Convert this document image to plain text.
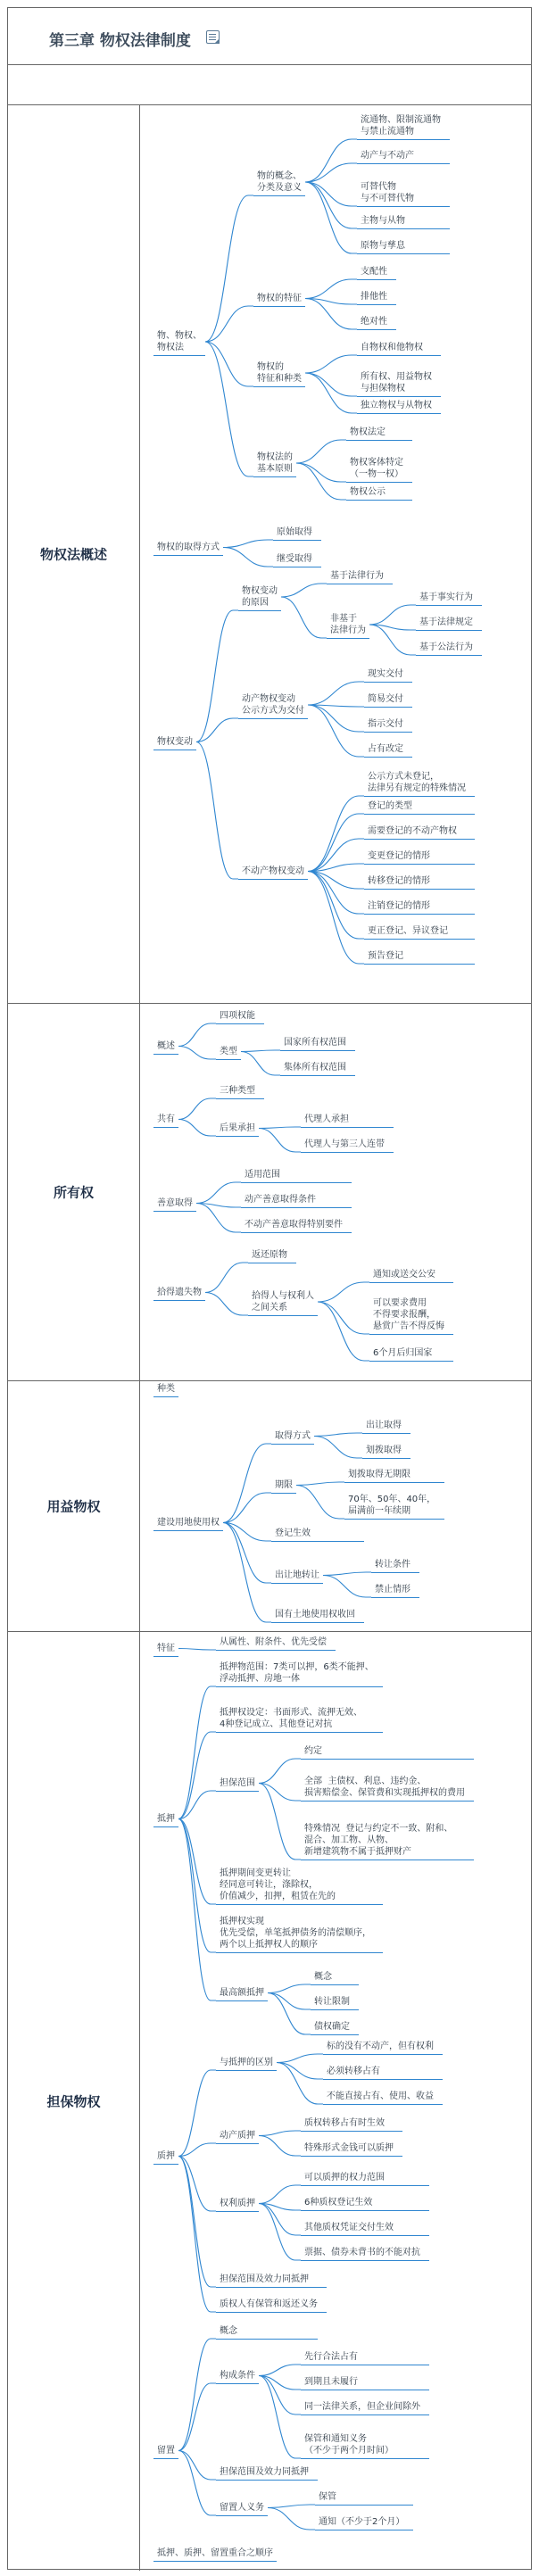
第三章 物权法律制度
物权法概述
所有权
用益物权
担保物权
物、物权、
物权法
物的概念、
分类及意义
流通物、限制流通物
与禁止流通物
动产与不动产
可替代物
与不可替代物
主物与从物
原物与孳息
物权的特征
支配性
排他性
绝对性
物权的
特征和种类
自物权和他物权
所有权、用益物权
与担保物权
独立物权与从物权
物权法的
基本原则
物权法定
物权客体特定
（一物一权）
物权公示
物权的取得方式
原始取得
继受取得
物权变动
物权变动
的原因
基于法律行为
非基于
法律行为
基于事实行为
基于法律规定
基于公法行为
动产物权变动
公示方式为交付
现实交付
简易交付
指示交付
占有改定
不动产物权变动
公示方式未登记，
法律另有规定的特殊情况
登记的类型
需要登记的不动产物权
变更登记的情形
转移登记的情形
注销登记的情形
更正登记、异议登记
预告登记
概述
四项权能
类型
国家所有权范围
集体所有权范围
共有
三种类型
后果承担
代理人承担
代理人与第三人连带
善意取得
适用范围
动产善意取得条件
不动产善意取得特别要件
拾得遗失物
返还原物
拾得人与权利人
之间关系
通知或送交公安
可以要求费用
不得要求报酬，
悬赏广告不得反悔
6个月后归国家
种类
建设用地使用权
取得方式
出让取得
划拨取得
期限
划拨取得无期限
70年、50年、40年，
届满前一年续期
登记生效
出让地转让
转让条件
禁止情形
国有土地使用权收回
特征
从属性、附条件、优先受偿
抵押
抵押物范围：7类可以押，6类不能押、
浮动抵押、房地一体
抵押权设定：书面形式、流押无效、
4种登记成立、其他登记对抗
担保范围
约定
全部  主债权、利息、违约金、
损害赔偿金、保管费和实现抵押权的费用
特殊情况  登记与约定不一致、附和、
混合、加工物、从物、
新增建筑物不属于抵押财产
抵押期间变更转让
经同意可转让，涤除权，
价值减少，扣押，租赁在先的
抵押权实现
优先受偿，单笔抵押债务的清偿顺序，
两个以上抵押权人的顺序
最高额抵押
概念
转让限制
债权确定
质押
与抵押的区别
标的没有不动产，但有权利
必须转移占有
不能直接占有、使用、收益
动产质押
质权转移占有时生效
特殊形式金钱可以质押
权利质押
可以质押的权力范围
6种质权登记生效
其他质权凭证交付生效
票据、债券未背书的不能对抗
担保范围及效力同抵押
质权人有保管和返还义务
留置
概念
构成条件
先行合法占有
到期且未履行
同一法律关系，但企业间除外
保管和通知义务
（不少于两个月时间）
担保范围及效力同抵押
留置人义务
保管
通知（不少于2个月）
抵押、质押、留置重合之顺序
